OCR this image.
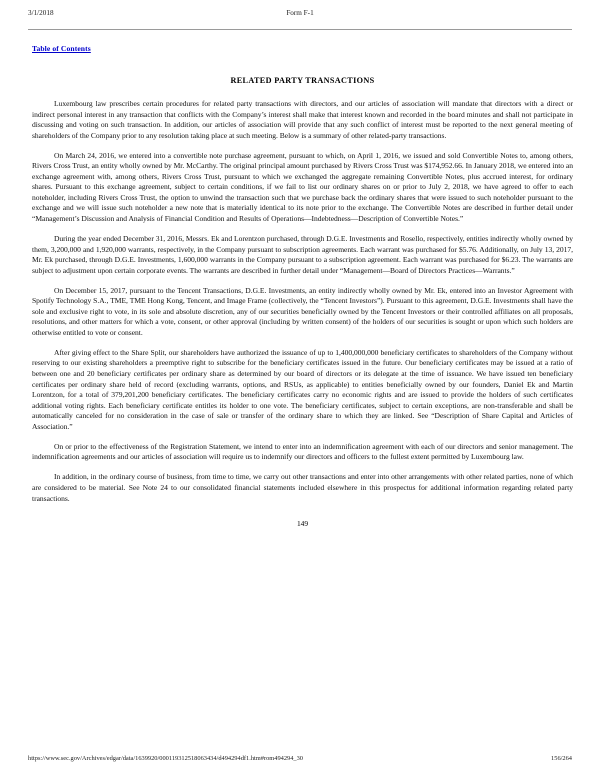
3/1/2018	Form F-1
Table of Contents
RELATED PARTY TRANSACTIONS

Luxembourg law prescribes certain procedures for related party transactions with directors, and our articles of association will mandate that directors with a direct or indirect personal interest in any transaction that conflicts with the Company’s interest shall make that interest known and recorded in the board minutes and shall not participate in discussing and voting on such transaction. In addition, our articles of association will provide that any such conflict of interest must be reported to the next general meeting of shareholders of the Company prior to any resolution taking place at such meeting. Below is a summary of other related-party transactions.

On March 24, 2016, we entered into a convertible note purchase agreement, pursuant to which, on April 1, 2016, we issued and sold Convertible Notes to, among others, Rivers Cross Trust, an entity wholly owned by Mr. McCarthy. The original principal amount purchased by Rivers Cross Trust was $174,952.66. In January 2018, we entered into an exchange agreement with, among others, Rivers Cross Trust, pursuant to which we exchanged the aggregate remaining Convertible Notes, plus accrued interest, for ordinary shares. Pursuant to this exchange agreement, subject to certain conditions, if we fail to list our ordinary shares on or prior to July 2, 2018, we have agreed to offer to each noteholder, including Rivers Cross Trust, the option to unwind the transaction such that we purchase back the ordinary shares that were issued to such noteholder pursuant to the exchange and we will issue such noteholder a new note that is materially identical to its note prior to the exchange. The Convertible Notes are described in further detail under “Management’s Discussion and Analysis of Financial Condition and Results of Operations—Indebtedness—Description of Convertible Notes.”

During the year ended December 31, 2016, Messrs. Ek and Lorentzon purchased, through D.G.E. Investments and Rosello, respectively, entities indirectly wholly owned by them, 3,200,000 and 1,920,000 warrants, respectively, in the Company pursuant to subscription agreements. Each warrant was purchased for $5.76. Additionally, on July 13, 2017, Mr. Ek purchased, through D.G.E. Investments, 1,600,000 warrants in the Company pursuant to a subscription agreement. Each warrant was purchased for $6.23. The warrants are subject to adjustment upon certain corporate events. The warrants are described in further detail under “Management—Board of Directors Practices—Warrants.”

On December 15, 2017, pursuant to the Tencent Transactions, D.G.E. Investments, an entity indirectly wholly owned by Mr. Ek, entered into an Investor Agreement with Spotify Technology S.A., TME, TME Hong Kong, Tencent, and Image Frame (collectively, the “Tencent Investors”). Pursuant to this agreement, D.G.E. Investments shall have the sole and exclusive right to vote, in its sole and absolute discretion, any of our securities beneficially owned by the Tencent Investors or their controlled affiliates on all proposals, resolutions, and other matters for which a vote, consent, or other approval (including by written consent) of the holders of our securities is sought or upon which such holders are otherwise entitled to vote or consent.

After giving effect to the Share Split, our shareholders have authorized the issuance of up to 1,400,000,000 beneficiary certificates to shareholders of the Company without reserving to our existing shareholders a preemptive right to subscribe for the beneficiary certificates issued in the future. Our beneficiary certificates may be issued at a ratio of between one and 20 beneficiary certificates per ordinary share as determined by our board of directors or its delegate at the time of issuance. We have issued ten beneficiary certificates per ordinary share held of record (excluding warrants, options, and RSUs, as applicable) to entities beneficially owned by our founders, Daniel Ek and Martin Lorentzon, for a total of 379,201,200 beneficiary certificates. The beneficiary certificates carry no economic rights and are issued to provide the holders of such certificates additional voting rights. Each beneficiary certificate entitles its holder to one vote. The beneficiary certificates, subject to certain exceptions, are non-transferable and shall be automatically canceled for no consideration in the case of sale or transfer of the ordinary share to which they are linked. See “Description of Share Capital and Articles of Association.”

On or prior to the effectiveness of the Registration Statement, we intend to enter into an indemnification agreement with each of our directors and senior management. The indemnification agreements and our articles of association will require us to indemnify our directors and officers to the fullest extent permitted by Luxembourg law.

In addition, in the ordinary course of business, from time to time, we carry out other transactions and enter into other arrangements with other related parties, none of which are considered to be material. See Note 24 to our consolidated financial statements included elsewhere in this prospectus for additional information regarding related party transactions.

149
https://www.sec.gov/Archives/edgar/data/1639920/000119312518063434/d494294df1.htm#rom494294_30	156/264
